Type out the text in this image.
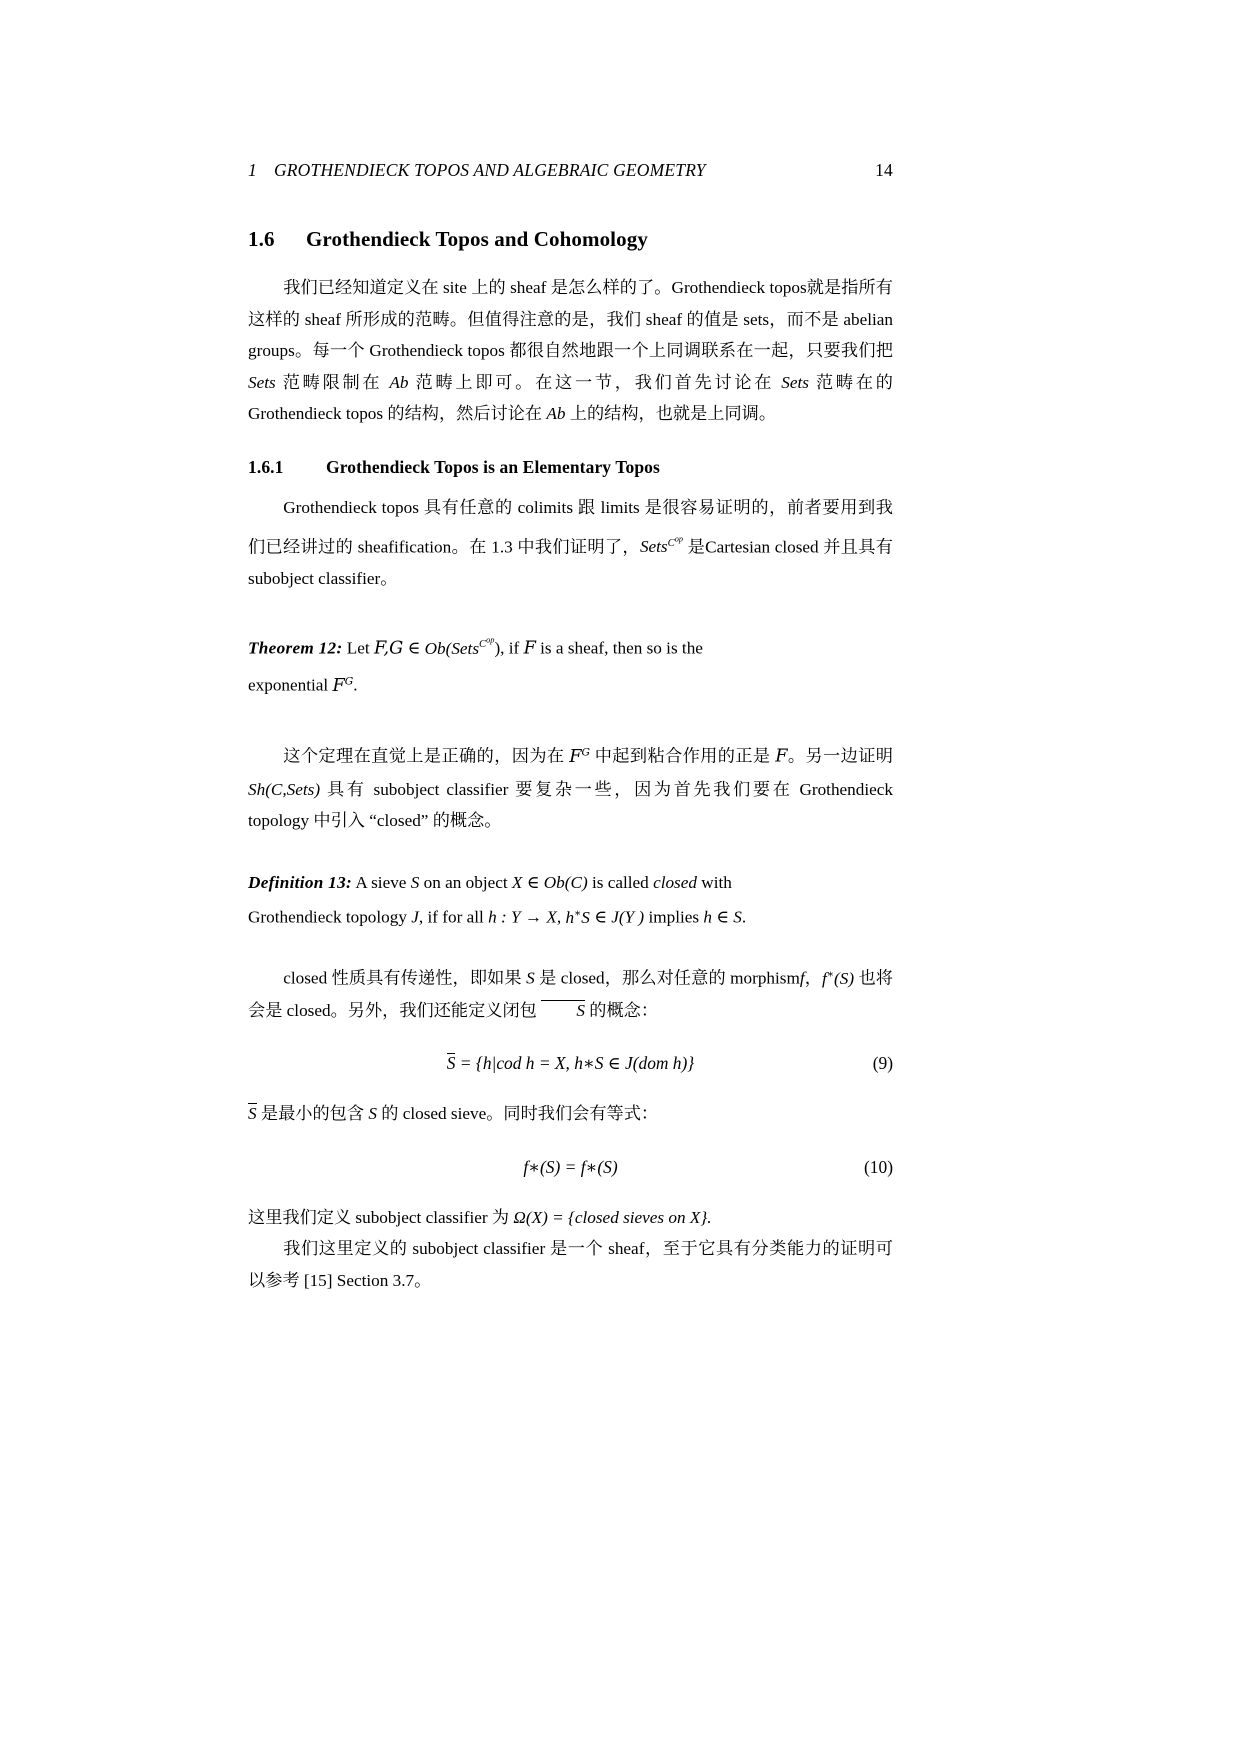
1 GROTHENDIECK TOPOS AND ALGEBRAIC GEOMETRY	14
1.6	Grothendieck Topos and Cohomology

我们已经知道定义在 site 上的 sheaf 是怎么样的了。Grothendieck topos就是指所有这样的 sheaf 所形成的范畴。但值得注意的是，我们 sheaf 的值是 sets，而不是 abelian groups。每一个 Grothendieck topos 都很自然地跟一个上同调联系在一起，只要我们把 Sets 范畴限制在 Ab 范畴上即可。在这一节，我们首先讨论在 Sets 范畴在的 Grothendieck topos 的结构，然后讨论在 Ab 上的结构，也就是上同调。

1.6.1	Grothendieck Topos is an Elementary Topos

Grothendieck topos 具有任意的 colimits 跟 limits 是很容易证明的，前者要用到我们已经讲过的 sheafification。在 1.3 中我们证明了，Sets$^{C^{op}}$ 是Cartesian closed 并且具有 subobject classifier。

Theorem 12: Let F,G ∈ Ob(Sets$^{C^{op}}$), if F is a sheaf, then so is the
exponential $F^G$.

这个定理在直觉上是正确的，因为在 $F^G$ 中起到粘合作用的正是 F。另一边证明 Sh(C,Sets) 具有 subobject classifier 要复杂一些，因为首先我们要在 Grothendieck topology 中引入 “closed” 的概念。

Definition 13: A sieve S on an object X ∈ Ob(C) is called closed with
Grothendieck topology J, if for all h : Y → X, h∗S ∈ J(Y ) implies h ∈ S.

closed 性质具有传递性，即如果 S 是 closed，那么对任意的 morphismf，f∗(S) 也将会是 closed。另外，我们还能定义闭包 S 的概念：

S = {h|cod h = X, h∗S ∈ J(dom h)}	(9)

S 是最小的包含 S 的 closed sieve。同时我们会有等式：

f∗(S) = f∗(S)	(10)

这里我们定义 subobject classifier 为 Ω(X) = {closed sieves on X}.

我们这里定义的 subobject classifier 是一个 sheaf，至于它具有分类能力的证明可以参考 [15] Section 3.7。
